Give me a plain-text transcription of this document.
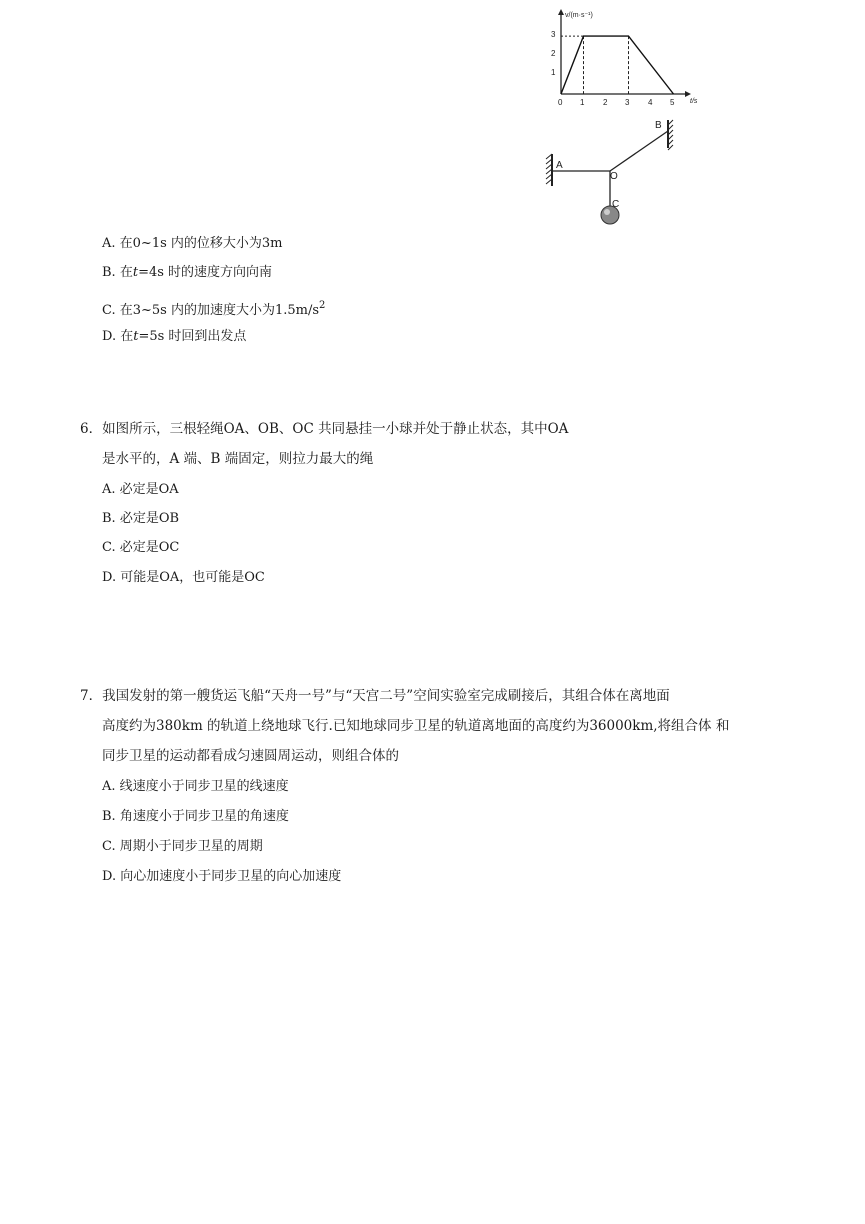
v/(m·s⁻¹)
t/s
3
2
1
0 1 2 3 4 5
A
B
O
C
A. 在0~1s 内的位移大小为3m
B. 在t=4s 时的速度方向向南
C. 在3~5s 内的加速度大小为$1.5m/s^2$
D. 在t=5s 时回到出发点
6．如图所示，三根轻绳OA、OB、OC 共同悬挂一小球并处于静止状态，其中OA
是水平的，A 端、B 端固定，则拉力最大的绳
A. 必定是OA
B. 必定是OB
C. 必定是OC
D. 可能是OA，也可能是OC
7．我国发射的第一艘货运飞船“天舟一号”与“天宫二号”空间实验室完成刷接后，其组合体在离地面
高度约为380km 的轨道上绕地球飞行.已知地球同步卫星的轨道离地面的高度约为36000km,将组合体 和
同步卫星的运动都看成匀速圆周运动，则组合体的
A. 线速度小于同步卫星的线速度
B. 角速度小于同步卫星的角速度
C. 周期小于同步卫星的周期
D. 向心加速度小于同步卫星的向心加速度
